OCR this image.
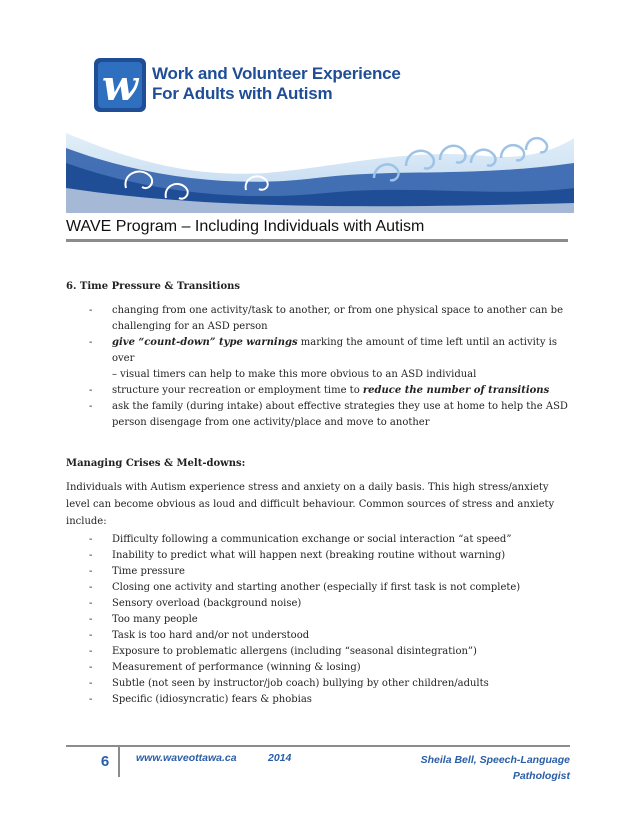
w Work and Volunteer Experience
For Adults with Autism
WAVE Program – Including Individuals with Autism
6. Time Pressure & Transitions
- changing from one activity/task to another, or from one physical space to another can be
challenging for an ASD person
- give “count-down” type warnings marking the amount of time left until an activity is over
– visual timers can help to make this more obvious to an ASD individual
- structure your recreation or employment time to reduce the number of transitions
- ask the family (during intake) about effective strategies they use at home to help the ASD
person disengage from one activity/place and move to another
Managing Crises & Melt-downs:
Individuals with Autism experience stress and anxiety on a daily basis. This high stress/anxiety
level can become obvious as loud and difficult behaviour. Common sources of stress and anxiety
include:
- Difficulty following a communication exchange or social interaction “at speed”
- Inability to predict what will happen next (breaking routine without warning)
- Time pressure
- Closing one activity and starting another (especially if first task is not complete)
- Sensory overload (background noise)
- Too many people
- Task is too hard and/or not understood
- Exposure to problematic allergens (including “seasonal disintegration”)
- Measurement of performance (winning & losing)
- Subtle (not seen by instructor/job coach) bullying by other children/adults
- Specific (idiosyncratic) fears & phobias
6	www.waveottawa.ca	2014	Sheila Bell, Speech-Language
Pathologist
